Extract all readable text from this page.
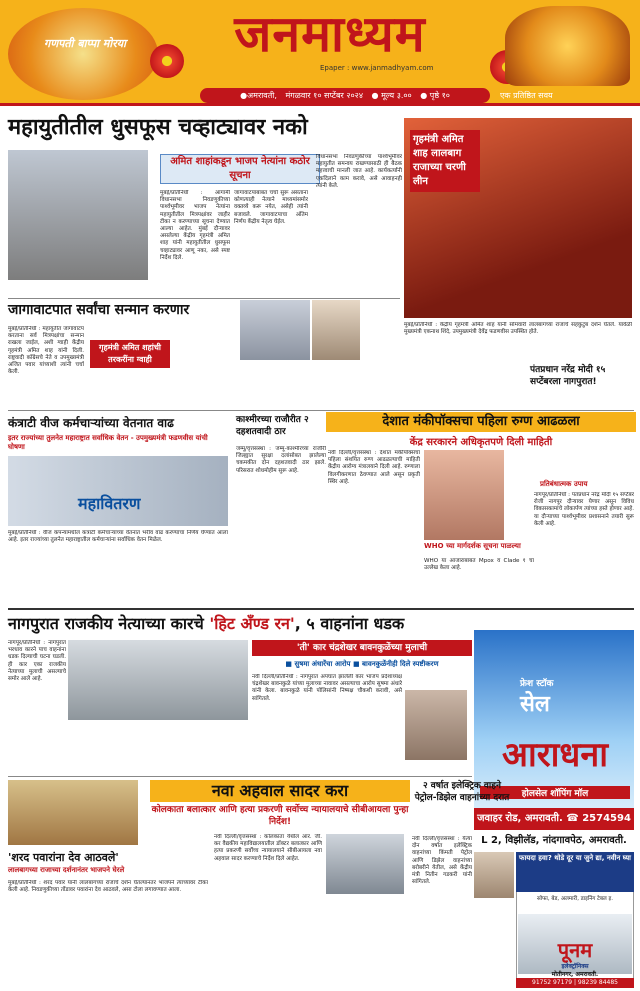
गणपती बाप्पा मोरया	जनमाध्यम
Epaper : www.janmadhyam.com
●अमरावती, मंगळवार १० सप्टेंबर २०२४ ● मूल्य ३.०० ● पृष्ठे १०	एक प्रतिष्ठित सवय
महायुतीतील धुसफूस चव्हाट्यावर नको
अमित शाहांकडून भाजप नेत्यांना कठोर सूचना
मुंबई/प्रतिनिधी : आगामी विधानसभा निवडणुकीच्या पार्श्वभूमीवर भाजप नेत्यांना महायुतीतील मित्रपक्षांवर जाहीर टीका न करण्याच्या सूचना देण्यात आल्या आहेत. मुंबई दौऱ्यावर असलेल्या केंद्रीय गृहमंत्री अमित शाह यांनी महायुतीतील धुसफूस चव्हाट्यावर आणू नका, असे स्पष्ट निर्देश दिले.
जागावाटपाबाबत चर्चा सुरू असताना कोणत्याही नेत्याने माध्यमांसमोर वक्तव्ये करू नयेत, असेही त्यांनी बजावले. जागावाटपाचा अंतिम निर्णय केंद्रीय नेतृत्व घेईल.
विधानसभा निवडणुकीच्या पार्श्वभूमीवर महायुतीत समन्वय राखण्यासाठी ही बैठक महत्त्वाची मानली जात आहे. कार्यकर्त्यांनी एकदिलाने काम करावे, असे आवाहनही त्यांनी केले.
गृहमंत्री अमित शाह लालबाग राजाच्या चरणी लीन
मुंबई/प्रतिनिधी : केंद्रीय गृहमंत्री अमित शाह यांनी सोमवारी लालबागच्या राजाचे सहकुटुंब दर्शन घेतले. यावेळी मुख्यमंत्री एकनाथ शिंदे, उपमुख्यमंत्री देवेंद्र फडणवीस उपस्थित होते.
जागावाटपात सर्वांचा सन्मान करणार
मुंबई/प्रतिनिधी : महायुतीत जागावाटप करताना सर्व मित्रपक्षांचा सन्मान राखला जाईल, अशी ग्वाही केंद्रीय गृहमंत्री अमित शाह यांनी दिली. राष्ट्रवादी काँग्रेसचे नेते व उपमुख्यमंत्री अजित पवार यांच्याशी त्यांनी चर्चा केली.
गृहमंत्री अमित शहांची तरकरींना ग्वाही
कंत्राटी वीज कर्मचाऱ्यांच्या वेतनात वाढ
इतर राज्यांच्या तुलनेत महाराष्ट्रात सर्वाधिक वेतन - उपमुख्यमंत्री फडणवीस यांची घोषणा
महावितरण
मुंबई/प्रतिनिधी : वीज कंपन्यांमधील कंत्राटी कर्मचाऱ्यांच्या वेतनात भरीव वाढ करण्याचा निर्णय घेण्यात आला आहे. इतर राज्यांच्या तुलनेत महाराष्ट्रातील कर्मचाऱ्यांना सर्वाधिक वेतन मिळेल.
काश्मीरच्या राजौरीत २ दहशतवादी ठार
जम्मू/वृत्तसंस्था : जम्मू-काश्मीरच्या राजौरी जिल्ह्यात सुरक्षा दलांसोबत झालेल्या चकमकीत दोन दहशतवादी ठार झाले. परिसरात शोधमोहीम सुरू आहे.
देशात मंकीपॉक्सचा पहिला रुग्ण आढळला
केंद्र सरकारने अधिकृतपणे दिली माहिती
नवी दिल्ली/वृत्तसंस्था : देशात मंकीपॉक्सचा पहिला संशयित रुग्ण आढळल्याची माहिती केंद्रीय आरोग्य मंत्रालयाने दिली आहे. रुग्णाला विलगीकरणात ठेवण्यात आले असून प्रकृती स्थिर आहे.
WHO च्या मार्गदर्शक सूचना पाळल्या
WHO या आजाराबाबत Mpox व Clade १ चा उल्लेख केला आहे.
प्रतिबंधात्मक उपाय
पंतप्रधान नरेंद्र मोदी १५ सप्टेंबरला नागपुरात!
नागपूर/प्रतिनिधी : पंतप्रधान नरेंद्र मोदी १५ सप्टेंबर रोजी नागपूर दौऱ्यावर येणार असून विविध विकासकामांचे लोकार्पण त्यांच्या हस्ते होणार आहे. या दौऱ्याच्या पार्श्वभूमीवर प्रशासनाने तयारी सुरू केली आहे.
नागपुरात राजकीय नेत्याच्या कारचे 'हिट अँण्ड रन', ५ वाहनांना धडक
नागपूर/प्रतिनिधी : नागपुरात भरधाव कारने पाच वाहनांना धडक दिल्याची घटना घडली. ही कार एका राजकीय नेत्याच्या मुलाची असल्याचे समोर आले आहे.
'ती' कार चंद्रशेखर बावनकुळेंच्या मुलाची
■ सुषमा अंधारेंचा आरोप ■ बावनकुळेंनीही दिले स्पष्टीकरण
नवी दिल्ली/प्रतिनिधी : नागपुरात अपघात झालेली कार भाजप प्रदेशाध्यक्ष चंद्रशेखर बावनकुळे यांच्या मुलाच्या नावावर असल्याचा आरोप सुषमा अंधारे यांनी केला. बावनकुळे यांनी पोलिसांनी निष्पक्ष चौकशी करावी, असे सांगितले.
फ्रेश स्टॉक
सेल
आराधना
होलसेल शॉपिंग मॉल
जवाहर रोड, अमरावती. ☎ 2574594
L 2, विझीलॅड, नांदगावपेठ, अमरावती.
'शरद पवारांना देव आठवले'
लालबागच्या राजाच्या दर्शनानंतर भाजपने घेरले
मुंबई/प्रतिनिधी : शरद पवार यांनी लालबागच्या राजाचे दर्शन घेतल्यानंतर भाजपने त्यांच्यावर टीका केली आहे. निवडणुकीच्या तोंडावर पवारांना देव आठवले, असा टोला लगावण्यात आला.
नवा अहवाल सादर करा
कोलकाता बलात्कार आणि हत्या प्रकरणी सर्वोच्च न्यायालयाचे सीबीआयला पुन्हा निर्देश!
नवी दिल्ली/वृत्तसंस्था : कोलकाता येथील आर. जी. कर वैद्यकीय महाविद्यालयातील डॉक्टर बलात्कार आणि हत्या प्रकरणी सर्वोच्च न्यायालयाने सीबीआयला नवा अहवाल सादर करण्याचे निर्देश दिले आहेत.
२ वर्षात इलेक्ट्रिक वाहने पेट्रोल-डिझेल वाहनांच्या दरात
नवी दिल्ली/वृत्तसंस्था : येत्या दोन वर्षात इलेक्ट्रिक वाहनांच्या किंमती पेट्रोल आणि डिझेल वाहनांच्या बरोबरीने येतील, असे केंद्रीय मंत्री नितीन गडकरी यांनी सांगितले.
फायदा हवा? थोडे दूर या जुने द्या, नवीन घ्या
सोफा, बेड, अलमारी, डाइनिंग टेबल इ.
पूनम
इलेक्ट्रॉनिक्स
मोतीनगर, अमरावती.
91752 97179 | 98239 84485
